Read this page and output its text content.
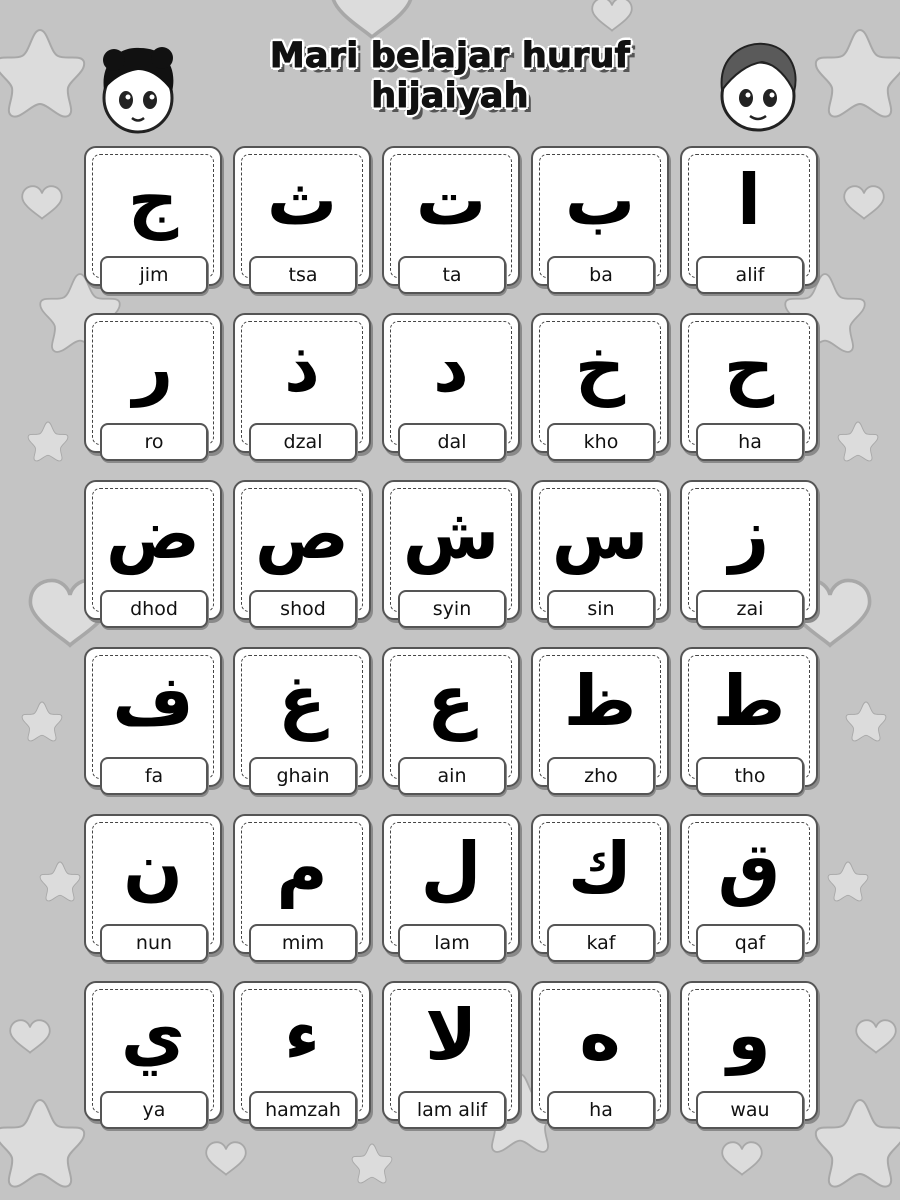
Mari belajar huruf hijaiyah
ج
jim
ث
tsa
ت
ta
ب
ba
ا
alif
ر
ro
ذ
dzal
د
dal
خ
kho
ح
ha
ض
dhod
ص
shod
ش
syin
س
sin
ز
zai
ف
fa
غ
ghain
ع
ain
ظ
zho
ط
tho
ن
nun
م
mim
ل
lam
ك
kaf
ق
qaf
ي
ya
ء
hamzah
لا
lam alif
ه
ha
و
wau
